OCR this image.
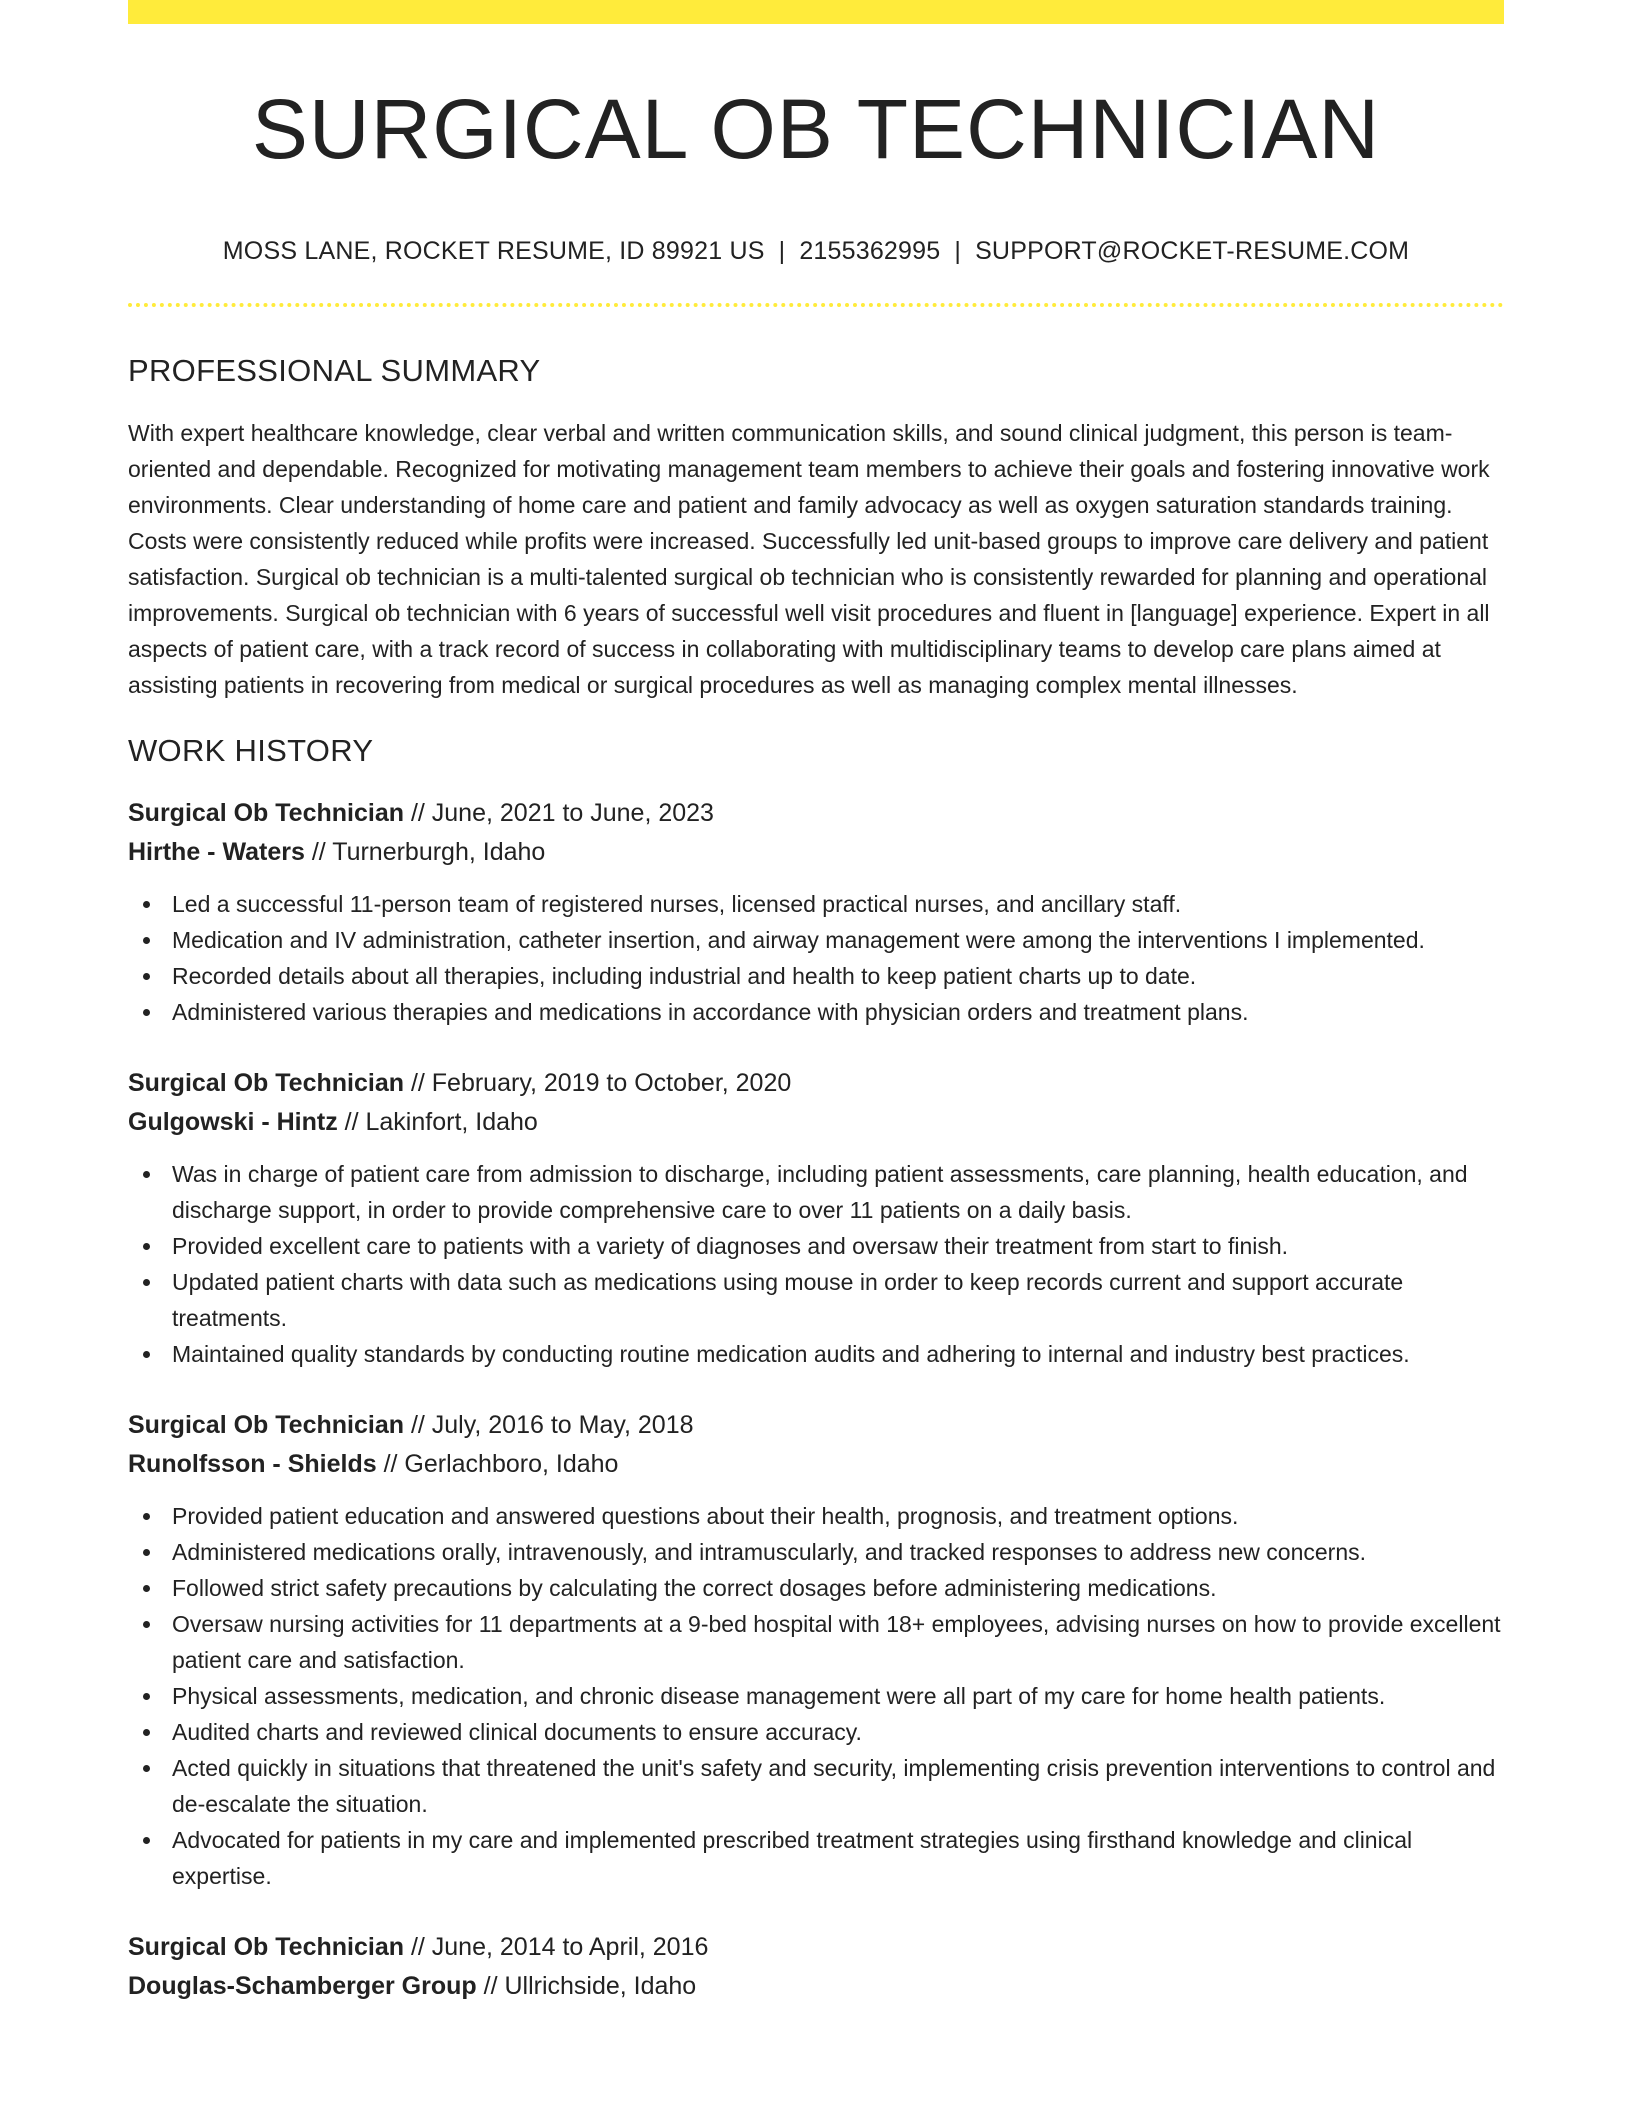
SURGICAL OB TECHNICIAN
MOSS LANE, ROCKET RESUME, ID 89921 US | 2155362995 | SUPPORT@ROCKET-RESUME.COM
PROFESSIONAL SUMMARY

With expert healthcare knowledge, clear verbal and written communication skills, and sound clinical judgment, this person is team-oriented and dependable. Recognized for motivating management team members to achieve their goals and fostering innovative work environments. Clear understanding of home care and patient and family advocacy as well as oxygen saturation standards training. Costs were consistently reduced while profits were increased. Successfully led unit-based groups to improve care delivery and patient satisfaction. Surgical ob technician is a multi-talented surgical ob technician who is consistently rewarded for planning and operational improvements. Surgical ob technician with 6 years of successful well visit procedures and fluent in [language] experience. Expert in all aspects of patient care, with a track record of success in collaborating with multidisciplinary teams to develop care plans aimed at assisting patients in recovering from medical or surgical procedures as well as managing complex mental illnesses.

WORK HISTORY
Surgical Ob Technician // June, 2021 to June, 2023
Hirthe - Waters // Turnerburgh, Idaho
Led a successful 11-person team of registered nurses, licensed practical nurses, and ancillary staff.
Medication and IV administration, catheter insertion, and airway management were among the interventions I implemented.
Recorded details about all therapies, including industrial and health to keep patient charts up to date.
Administered various therapies and medications in accordance with physician orders and treatment plans.
Surgical Ob Technician // February, 2019 to October, 2020
Gulgowski - Hintz // Lakinfort, Idaho
Was in charge of patient care from admission to discharge, including patient assessments, care planning, health education, and discharge support, in order to provide comprehensive care to over 11 patients on a daily basis.
Provided excellent care to patients with a variety of diagnoses and oversaw their treatment from start to finish.
Updated patient charts with data such as medications using mouse in order to keep records current and support accurate treatments.
Maintained quality standards by conducting routine medication audits and adhering to internal and industry best practices.
Surgical Ob Technician // July, 2016 to May, 2018
Runolfsson - Shields // Gerlachboro, Idaho
Provided patient education and answered questions about their health, prognosis, and treatment options.
Administered medications orally, intravenously, and intramuscularly, and tracked responses to address new concerns.
Followed strict safety precautions by calculating the correct dosages before administering medications.
Oversaw nursing activities for 11 departments at a 9-bed hospital with 18+ employees, advising nurses on how to provide excellent patient care and satisfaction.
Physical assessments, medication, and chronic disease management were all part of my care for home health patients.
Audited charts and reviewed clinical documents to ensure accuracy.
Acted quickly in situations that threatened the unit's safety and security, implementing crisis prevention interventions to control and de-escalate the situation.
Advocated for patients in my care and implemented prescribed treatment strategies using firsthand knowledge and clinical expertise.
Surgical Ob Technician // June, 2014 to April, 2016
Douglas-Schamberger Group // Ullrichside, Idaho
